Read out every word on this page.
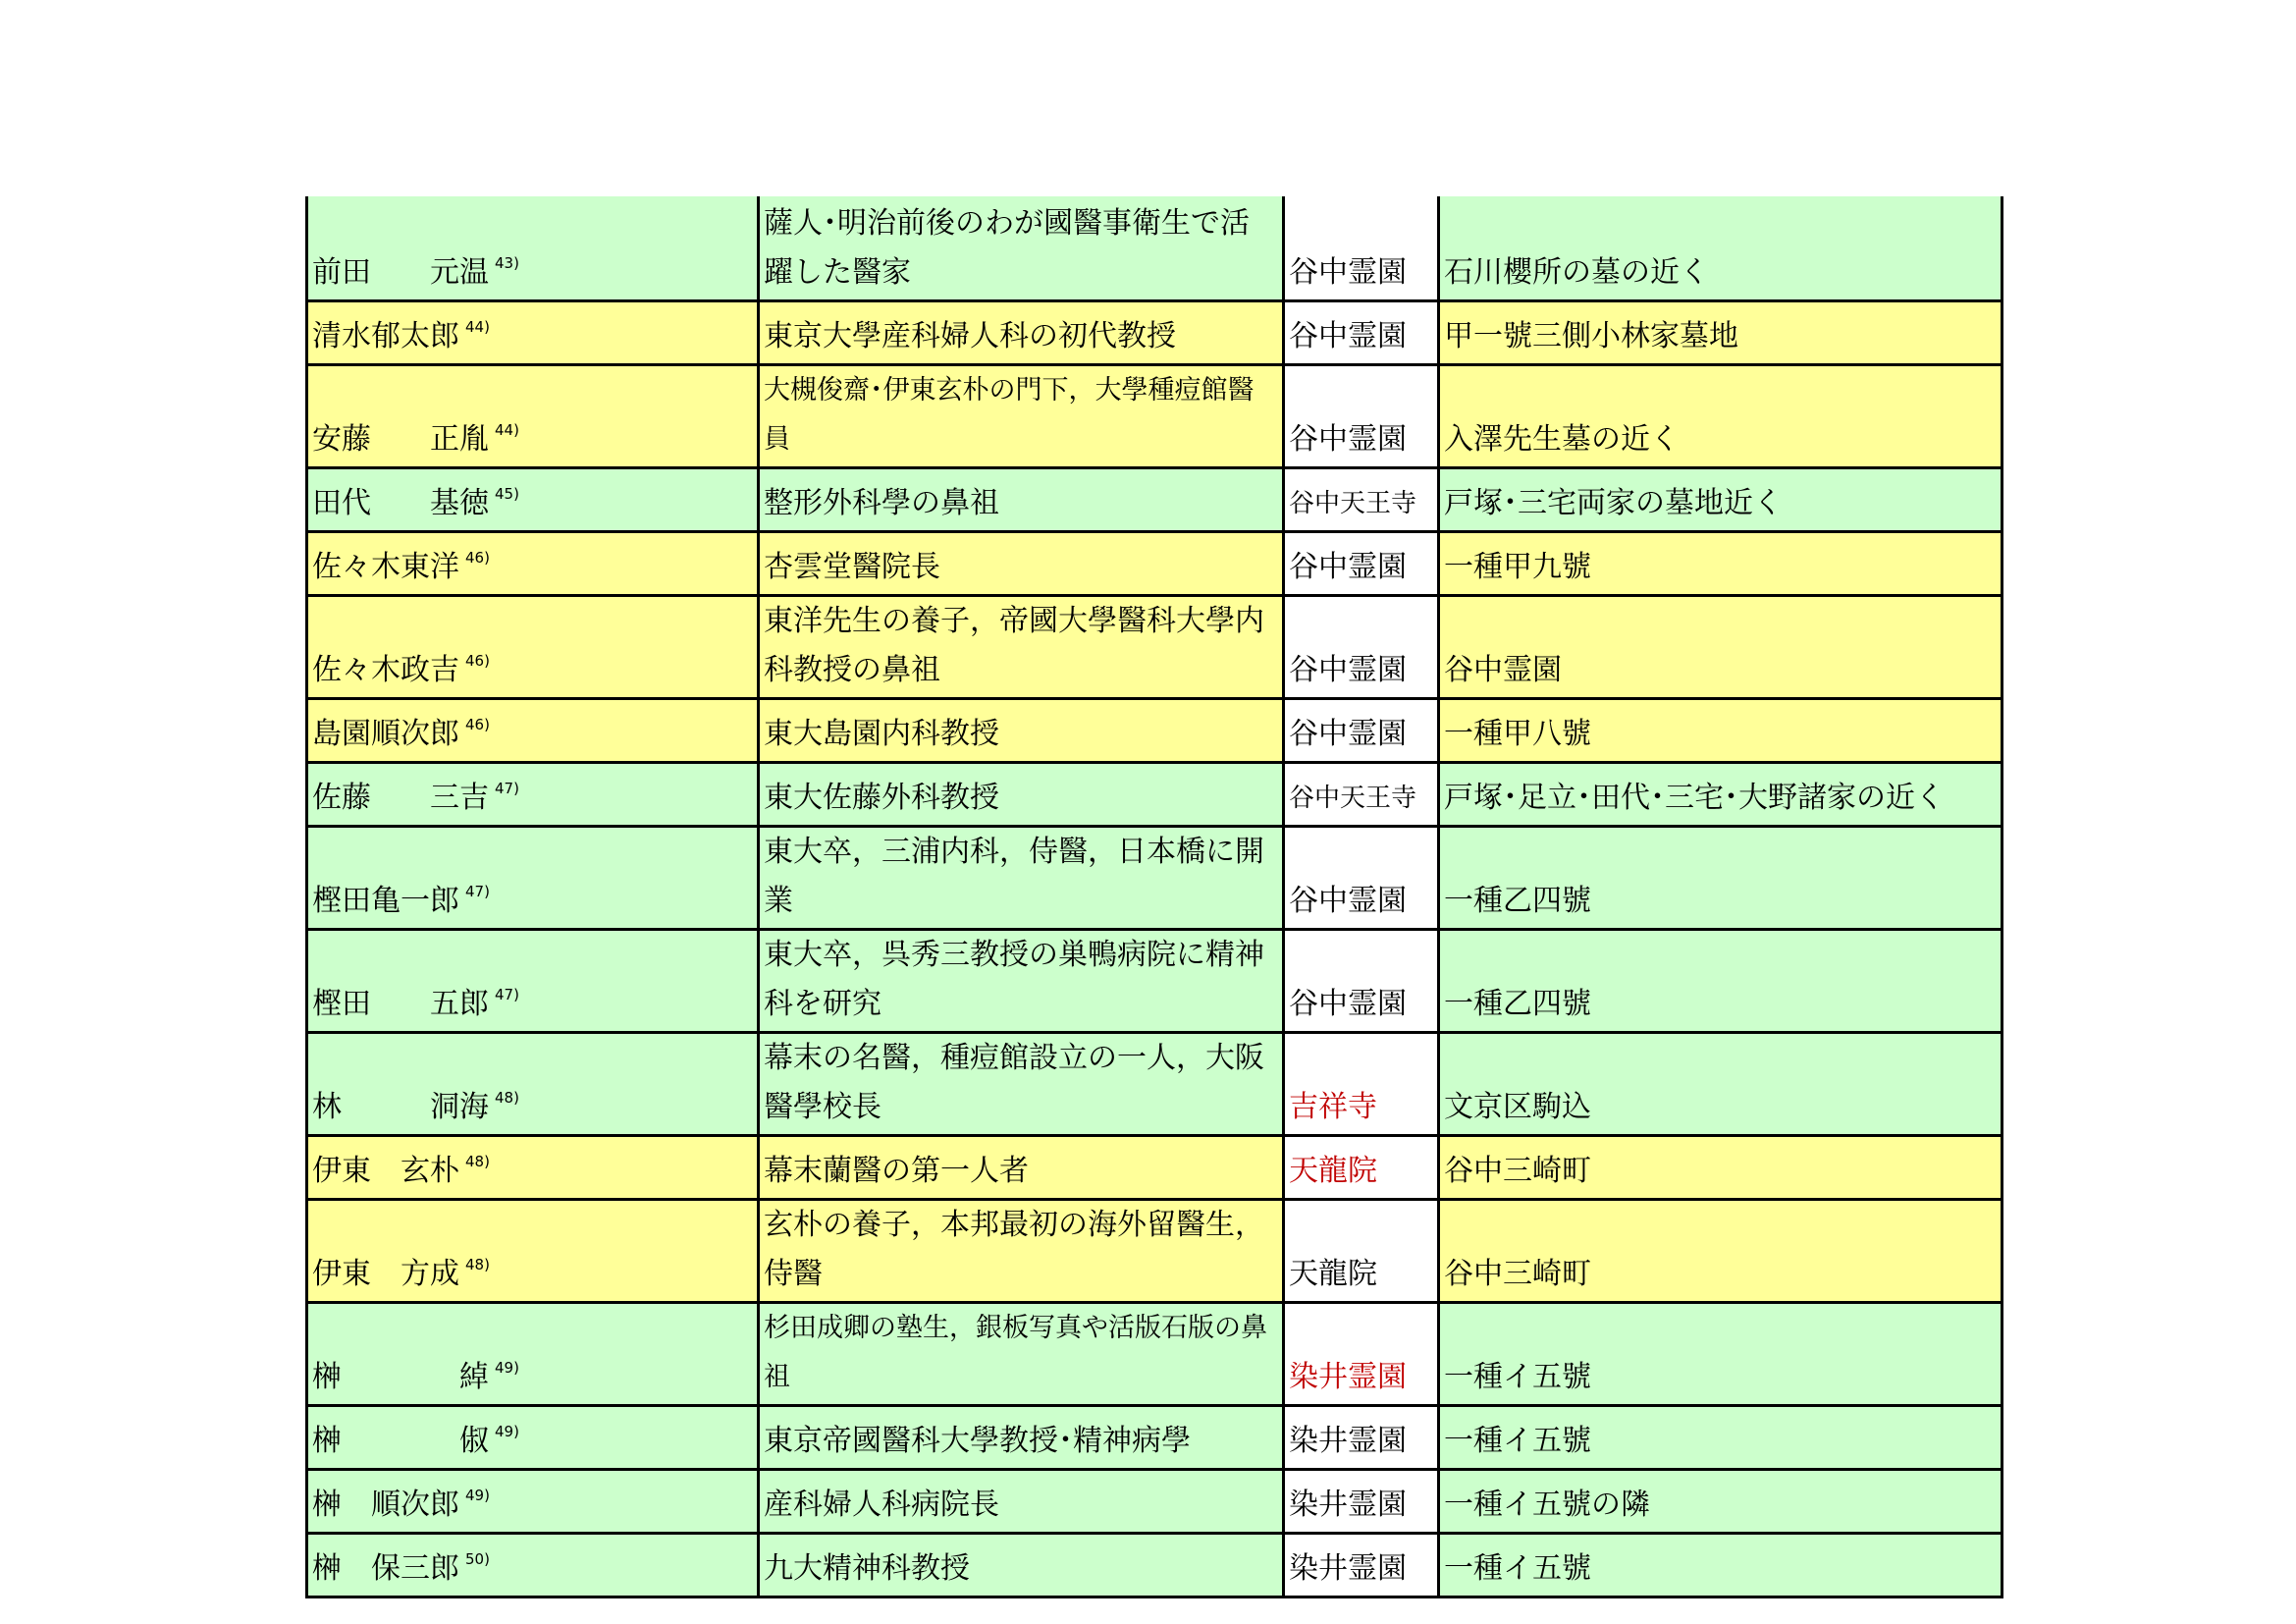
前田　　元温 $^{43)}$	薩人･明治前後のわが國醫事衛生で活躍した醫家	谷中霊園	石川櫻所の墓の近く
清水郁太郎 $^{44)}$	東京大學産科婦人科の初代教授	谷中霊園	甲一號三側小林家墓地
安藤　　正胤 $^{44)}$	大槻俊齋･伊東玄朴の門下，大學種痘館醫員	谷中霊園	入澤先生墓の近く
田代　　基徳 $^{45)}$	整形外科學の鼻祖	谷中天王寺	戸塚･三宅両家の墓地近く
佐々木東洋 $^{46)}$	杏雲堂醫院長	谷中霊園	一種甲九號
佐々木政吉 $^{46)}$	東洋先生の養子，帝國大學醫科大學内科教授の鼻祖	谷中霊園	谷中霊園
島園順次郎 $^{46)}$	東大島園内科教授	谷中霊園	一種甲八號
佐藤　　三吉 $^{47)}$	東大佐藤外科教授	谷中天王寺	戸塚･足立･田代･三宅･大野諸家の近く
樫田亀一郎 $^{47)}$	東大卒，三浦内科，侍醫，日本橋に開業	谷中霊園	一種乙四號
樫田　　五郎 $^{47)}$	東大卒，呉秀三教授の巣鴨病院に精神科を研究	谷中霊園	一種乙四號
林　　　洞海 $^{48)}$	幕末の名醫，種痘館設立の一人，大阪醫學校長	吉祥寺	文京区駒込
伊東　玄朴 $^{48)}$	幕末蘭醫の第一人者	天龍院	谷中三崎町
伊東　方成 $^{48)}$	玄朴の養子，本邦最初の海外留醫生，侍醫	天龍院	谷中三崎町
榊　　　　綽 $^{49)}$	杉田成卿の塾生，銀板写真や活版石版の鼻祖	染井霊園	一種イ五號
榊　　　　俶 $^{49)}$	東京帝國醫科大學教授･精神病學	染井霊園	一種イ五號
榊　順次郎 $^{49)}$	産科婦人科病院長	染井霊園	一種イ五號の隣
榊　保三郎 $^{50)}$	九大精神科教授	染井霊園	一種イ五號
